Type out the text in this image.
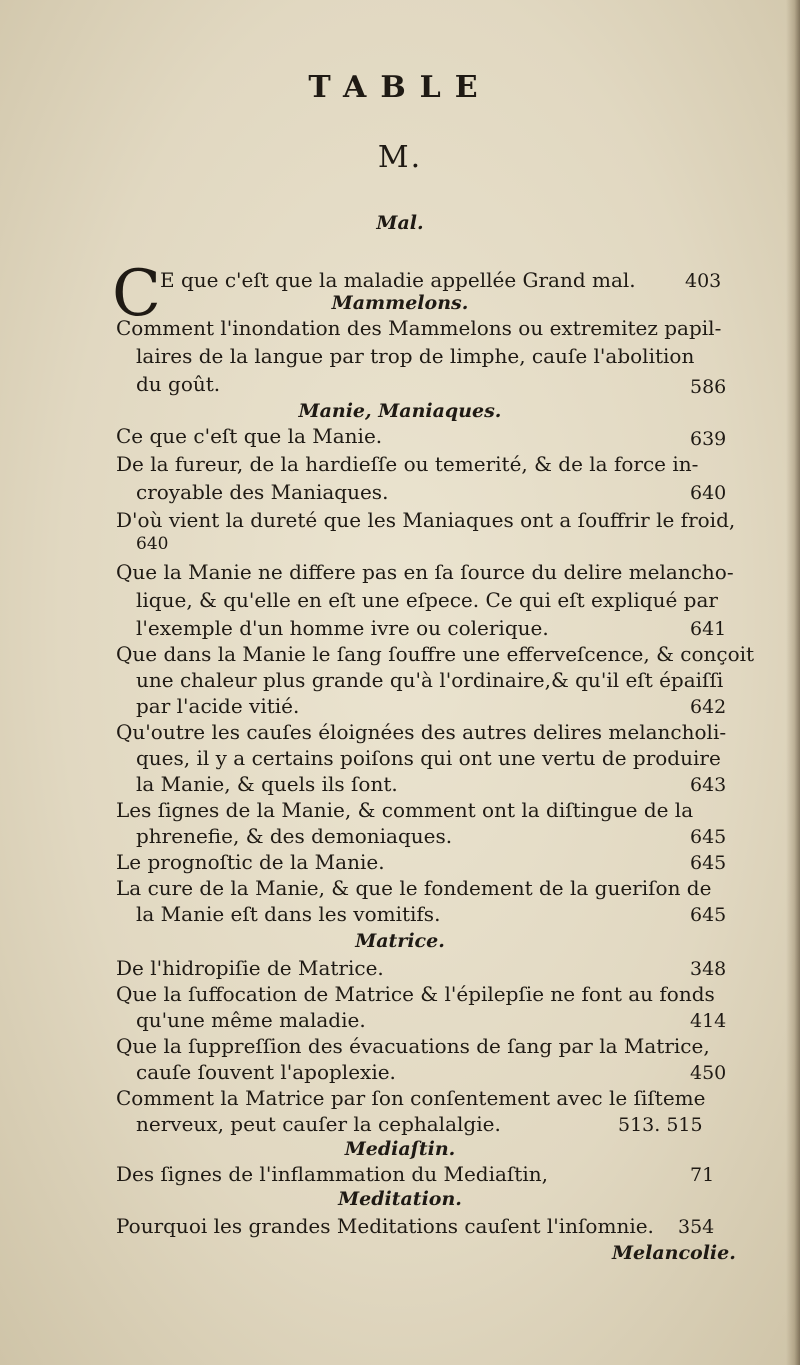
TABLE
M.
Mal.
C E que c'eſt que la maladie appellée Grand mal.	403
Mammelons.
Comment l'inondation des Mammelons ou extremitez papil-
laires de la langue par trop de limphe, cauſe l'abolition
du goût.	586
Manie, Maniaques.
Ce que c'eſt que la Manie.	639
De la fureur, de la hardieſſe ou temerité, & de la force in-
croyable des Maniaques.	640
D'où vient la dureté que les Maniaques ont a ſouffrir le froid,
640
Que la Manie ne differe pas en ſa ſource du delire melancho-
lique, & qu'elle en eſt une eſpece. Ce qui eſt expliqué par
l'exemple d'un homme ivre ou colerique.	641
Que dans la Manie le ſang ſouffre une efferveſcence, & conçoit
une chaleur plus grande qu'à l'ordinaire,& qu'il eſt épaiſſi
par l'acide vitié.	642
Qu'outre les cauſes éloignées des autres delires melancholi-
ques, il y a certains poiſons qui ont une vertu de produire
la Manie, & quels ils ſont.	643
Les ſignes de la Manie, & comment ont la diſtingue de la
phrenefie, & des demoniaques.	645
Le prognoſtic de la Manie.	645
La cure de la Manie, & que le fondement de la gueriſon de
la Manie eſt dans les vomitifs.	645
Matrice.
De l'hidropiſie de Matrice.	348
Que la ſuffocation de Matrice & l'épilepſie ne font au fonds
qu'une même maladie.	414
Que la ſuppreſſion des évacuations de ſang par la Matrice,
cauſe ſouvent l'apoplexie.	450
Comment la Matrice par ſon conſentement avec le ſiſteme
nerveux, peut cauſer la cephalalgie.	513. 515
Mediaſtin.
Des ſignes de l'inflammation du Mediaſtin,	71
Meditation.
Pourquoi les grandes Meditations cauſent l'inſomnie. 354
Melancolie.
